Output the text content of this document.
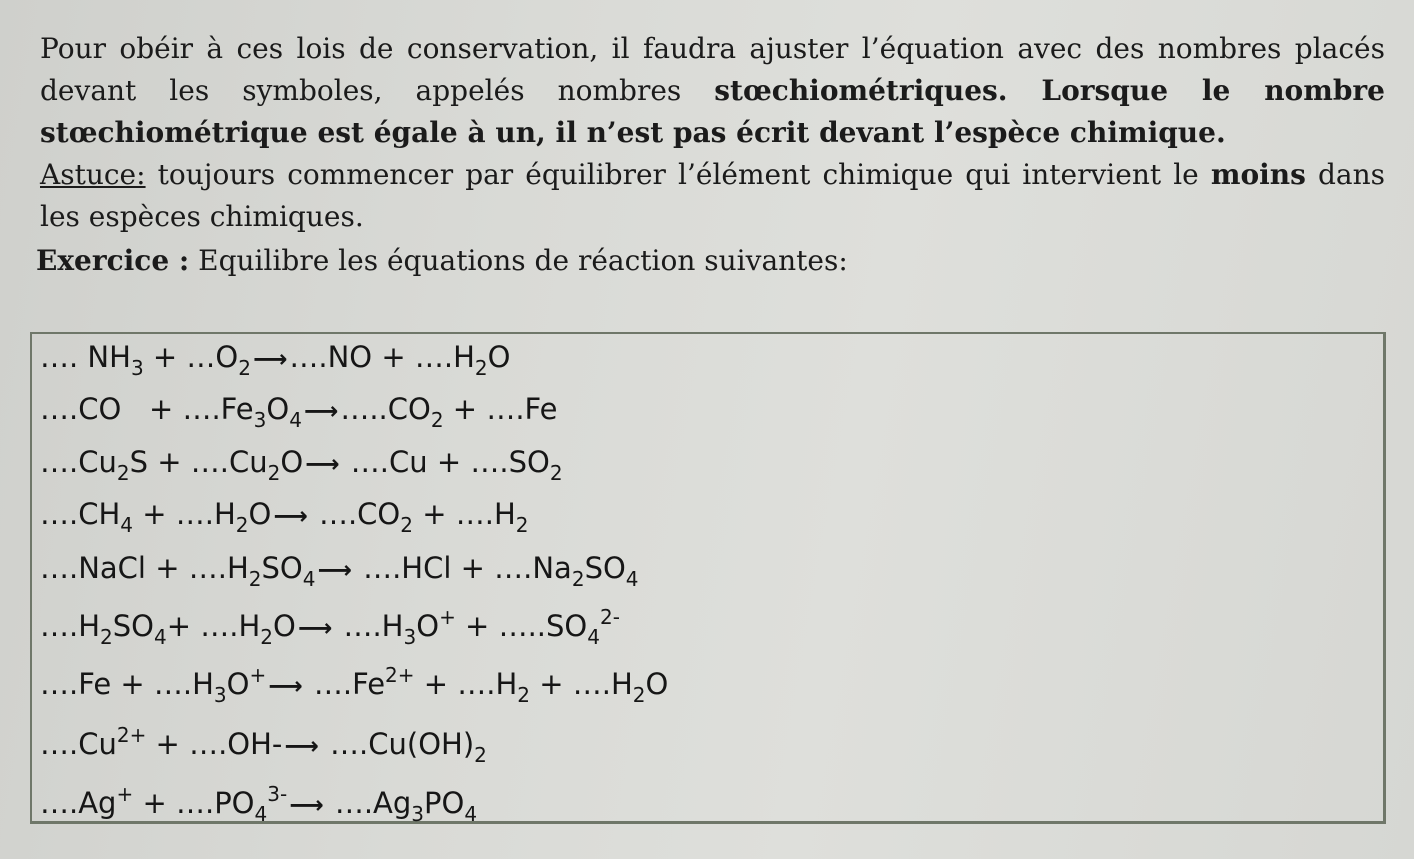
Pour obéir à ces lois de conservation, il faudra ajuster l’équation avec des nombres placés devant les symboles, appelés nombres stœchiométriques. Lorsque le nombre stœchiométrique est égale à un, il n’est pas écrit devant l’espèce chimique.

Astuce: toujours commencer par équilibrer l’élément chimique qui intervient le moins dans les espèces chimiques.

Exercice : Equilibre les équations de réaction suivantes:

…. $NH_3$ + $\dots O_2⟶\dots.NO$ + $\dots.H_2O$
….CO   + $\dots.Fe_3O_4⟶\dots..CO_2$ + ….Fe
$\dots.Cu_2S$ + $\dots.Cu_2O⟶$ ….Cu + $\dots.SO_2$
$\dots.CH_4$ + $\dots.H_2O⟶$ $\dots.CO_2$ + $\dots.H_2$
….NaCl + $\dots.H_2SO_4⟶$ ….HCl + $\dots.Na_2SO_4$
$\dots.H_2SO_4+$ $\dots.H_2O⟶$ $\dots.H_3O^+$ + $\dots..SO_4^{2-}$
….Fe + $\dots.H_3O^+⟶$ $\dots.Fe^{2+}$ + $\dots.H_2$ + $\dots.H_2O$
$\dots.Cu^{2+}$ + ….OH-⟶ $\dots.Cu(OH)_2$
….Ag+ + $\dots.PO_4^{3-}⟶$ $\dots.Ag_3PO_4$
